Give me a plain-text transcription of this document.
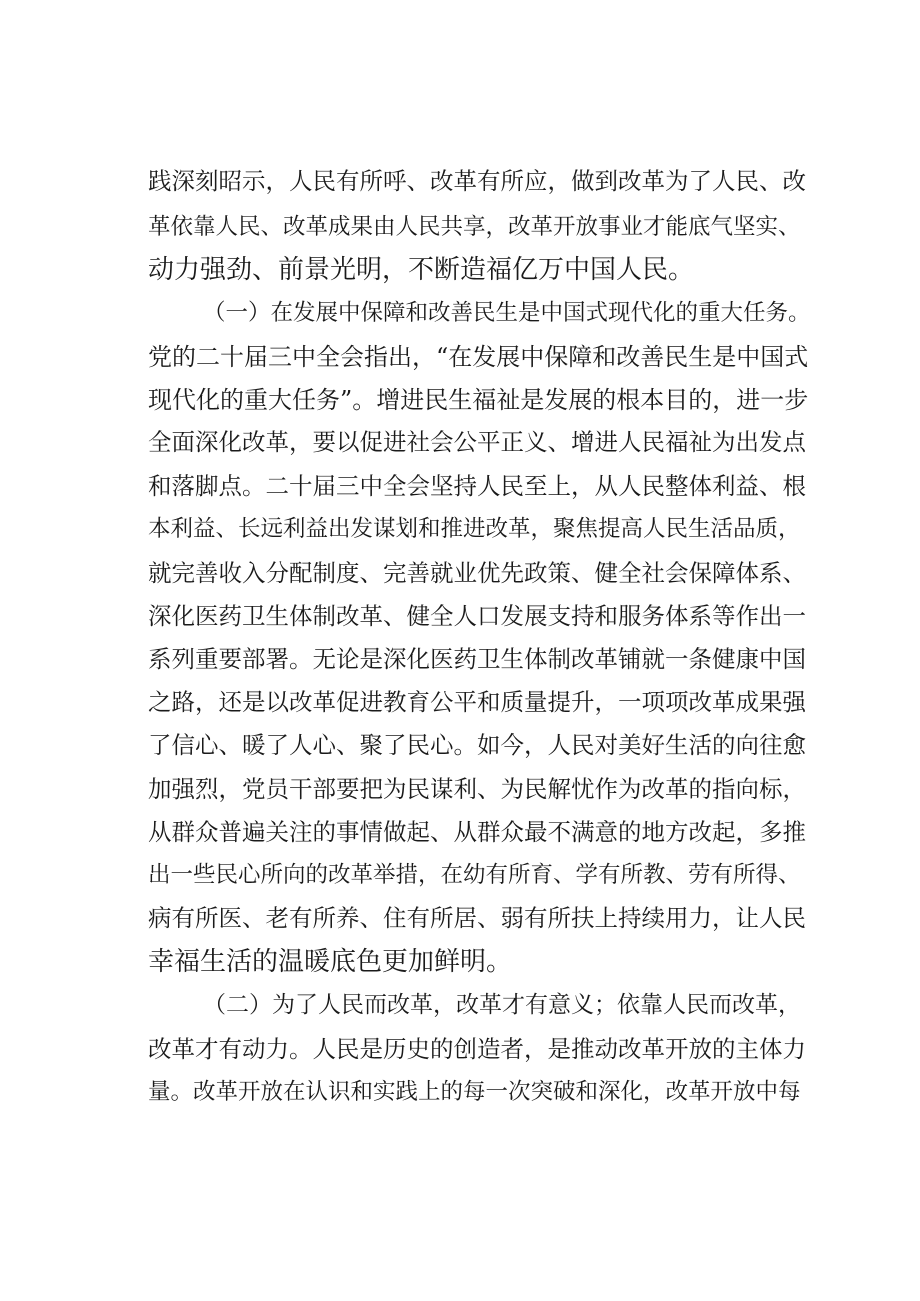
践深刻昭示，人民有所呼、改革有所应，做到改革为了人民、改
革依靠人民、改革成果由人民共享，改革开放事业才能底气坚实、
动力强劲、前景光明，不断造福亿万中国人民。
（一）在发展中保障和改善民生是中国式现代化的重大任务。
党的二十届三中全会指出，“在发展中保障和改善民生是中国式
现代化的重大任务”。增进民生福祉是发展的根本目的，进一步
全面深化改革，要以促进社会公平正义、增进人民福祉为出发点
和落脚点。二十届三中全会坚持人民至上，从人民整体利益、根
本利益、长远利益出发谋划和推进改革，聚焦提高人民生活品质，
就完善收入分配制度、完善就业优先政策、健全社会保障体系、
深化医药卫生体制改革、健全人口发展支持和服务体系等作出一
系列重要部署。无论是深化医药卫生体制改革铺就一条健康中国
之路，还是以改革促进教育公平和质量提升，一项项改革成果强
了信心、暖了人心、聚了民心。如今，人民对美好生活的向往愈
加强烈，党员干部要把为民谋利、为民解忧作为改革的指向标，
从群众普遍关注的事情做起、从群众最不满意的地方改起，多推
出一些民心所向的改革举措，在幼有所育、学有所教、劳有所得、
病有所医、老有所养、住有所居、弱有所扶上持续用力，让人民
幸福生活的温暖底色更加鲜明。
（二）为了人民而改革，改革才有意义；依靠人民而改革，
改革才有动力。人民是历史的创造者，是推动改革开放的主体力
量。改革开放在认识和实践上的每一次突破和深化，改革开放中每
